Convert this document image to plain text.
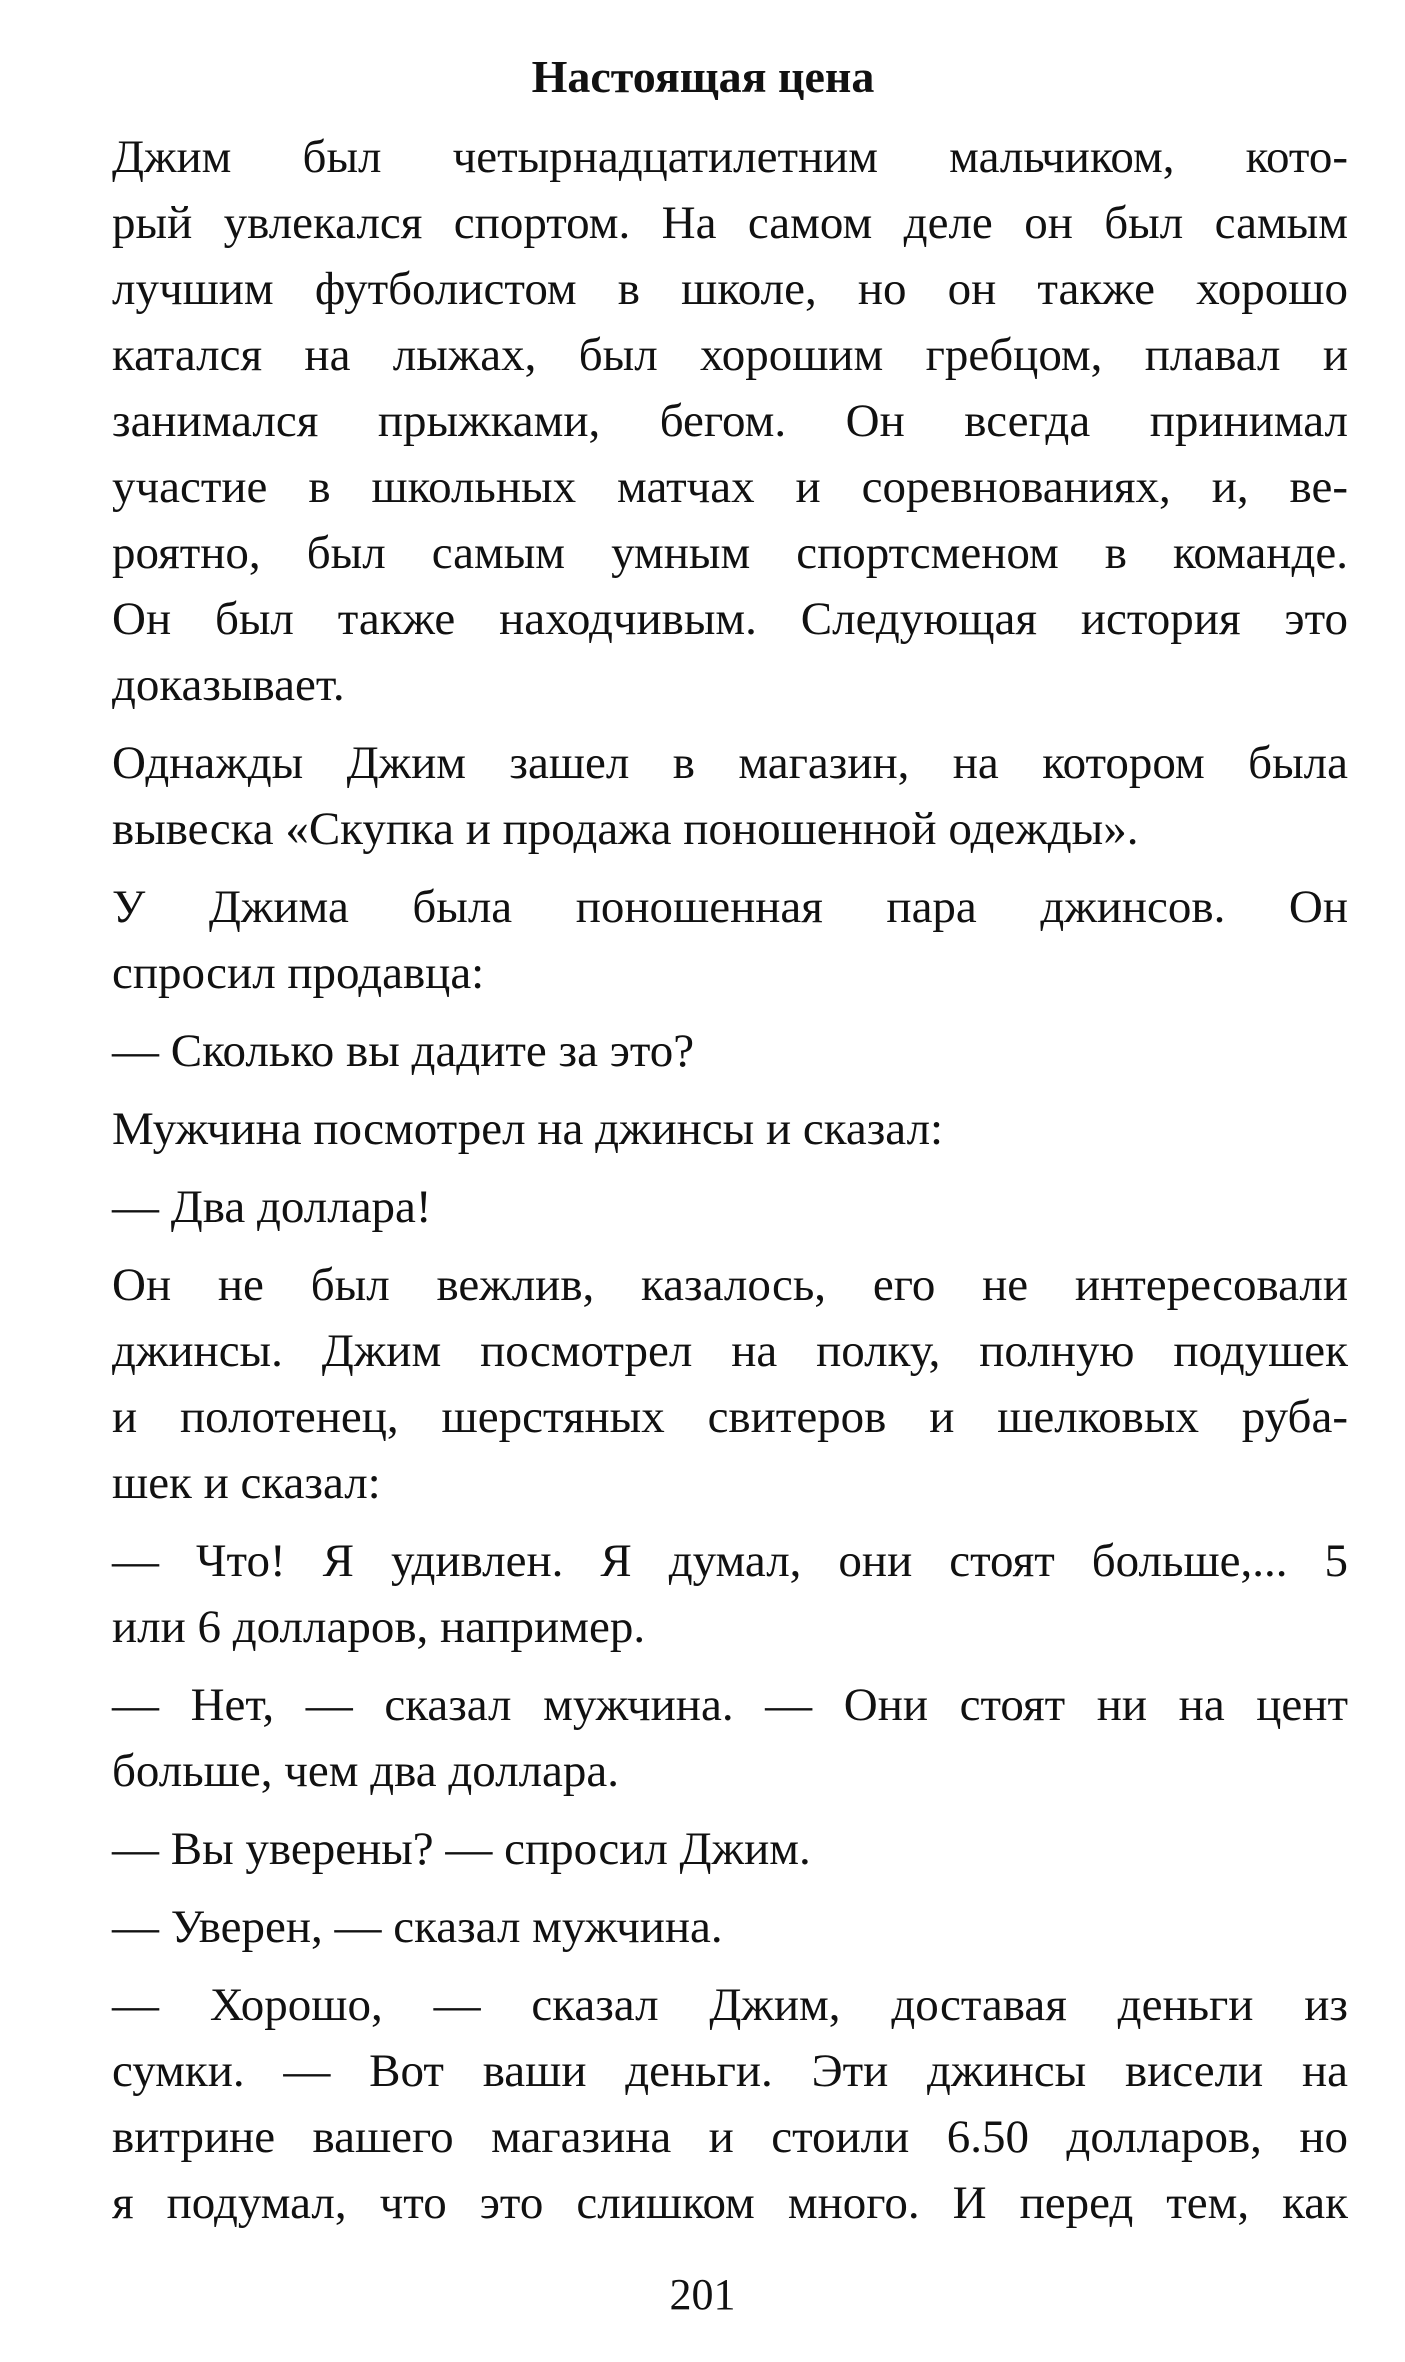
Настоящая цена
Джим был четырнадцатилетним мальчиком, кото-
рый увлекался спортом. На самом деле он был самым
лучшим футболистом в школе, но он также хорошо
катался на лыжах, был хорошим гребцом, плавал и
занимался прыжками, бегом. Он всегда принимал
участие в школьных матчах и соревнованиях, и, ве-
роятно, был самым умным спортсменом в команде.
Он был также находчивым. Следующая история это
доказывает.
Однажды Джим зашел в магазин, на котором была
вывеска «Скупка и продажа поношенной одежды».
У Джима была поношенная пара джинсов. Он
спросил продавца:
— Сколько вы дадите за это?
Мужчина посмотрел на джинсы и сказал:
— Два доллара!
Он не был вежлив, казалось, его не интересовали
джинсы. Джим посмотрел на полку, полную подушек
и полотенец, шерстяных свитеров и шелковых руба-
шек и сказал:
— Что! Я удивлен. Я думал, они стоят больше,... 5
или 6 долларов, например.
— Нет, — сказал мужчина. — Они стоят ни на цент
больше, чем два доллара.
— Вы уверены? — спросил Джим.
— Уверен, — сказал мужчина.
— Хорошо, — сказал Джим, доставая деньги из
сумки. — Вот ваши деньги. Эти джинсы висели на
витрине вашего магазина и стоили 6.50 долларов, но
я подумал, что это слишком много. И перед тем, как
201
